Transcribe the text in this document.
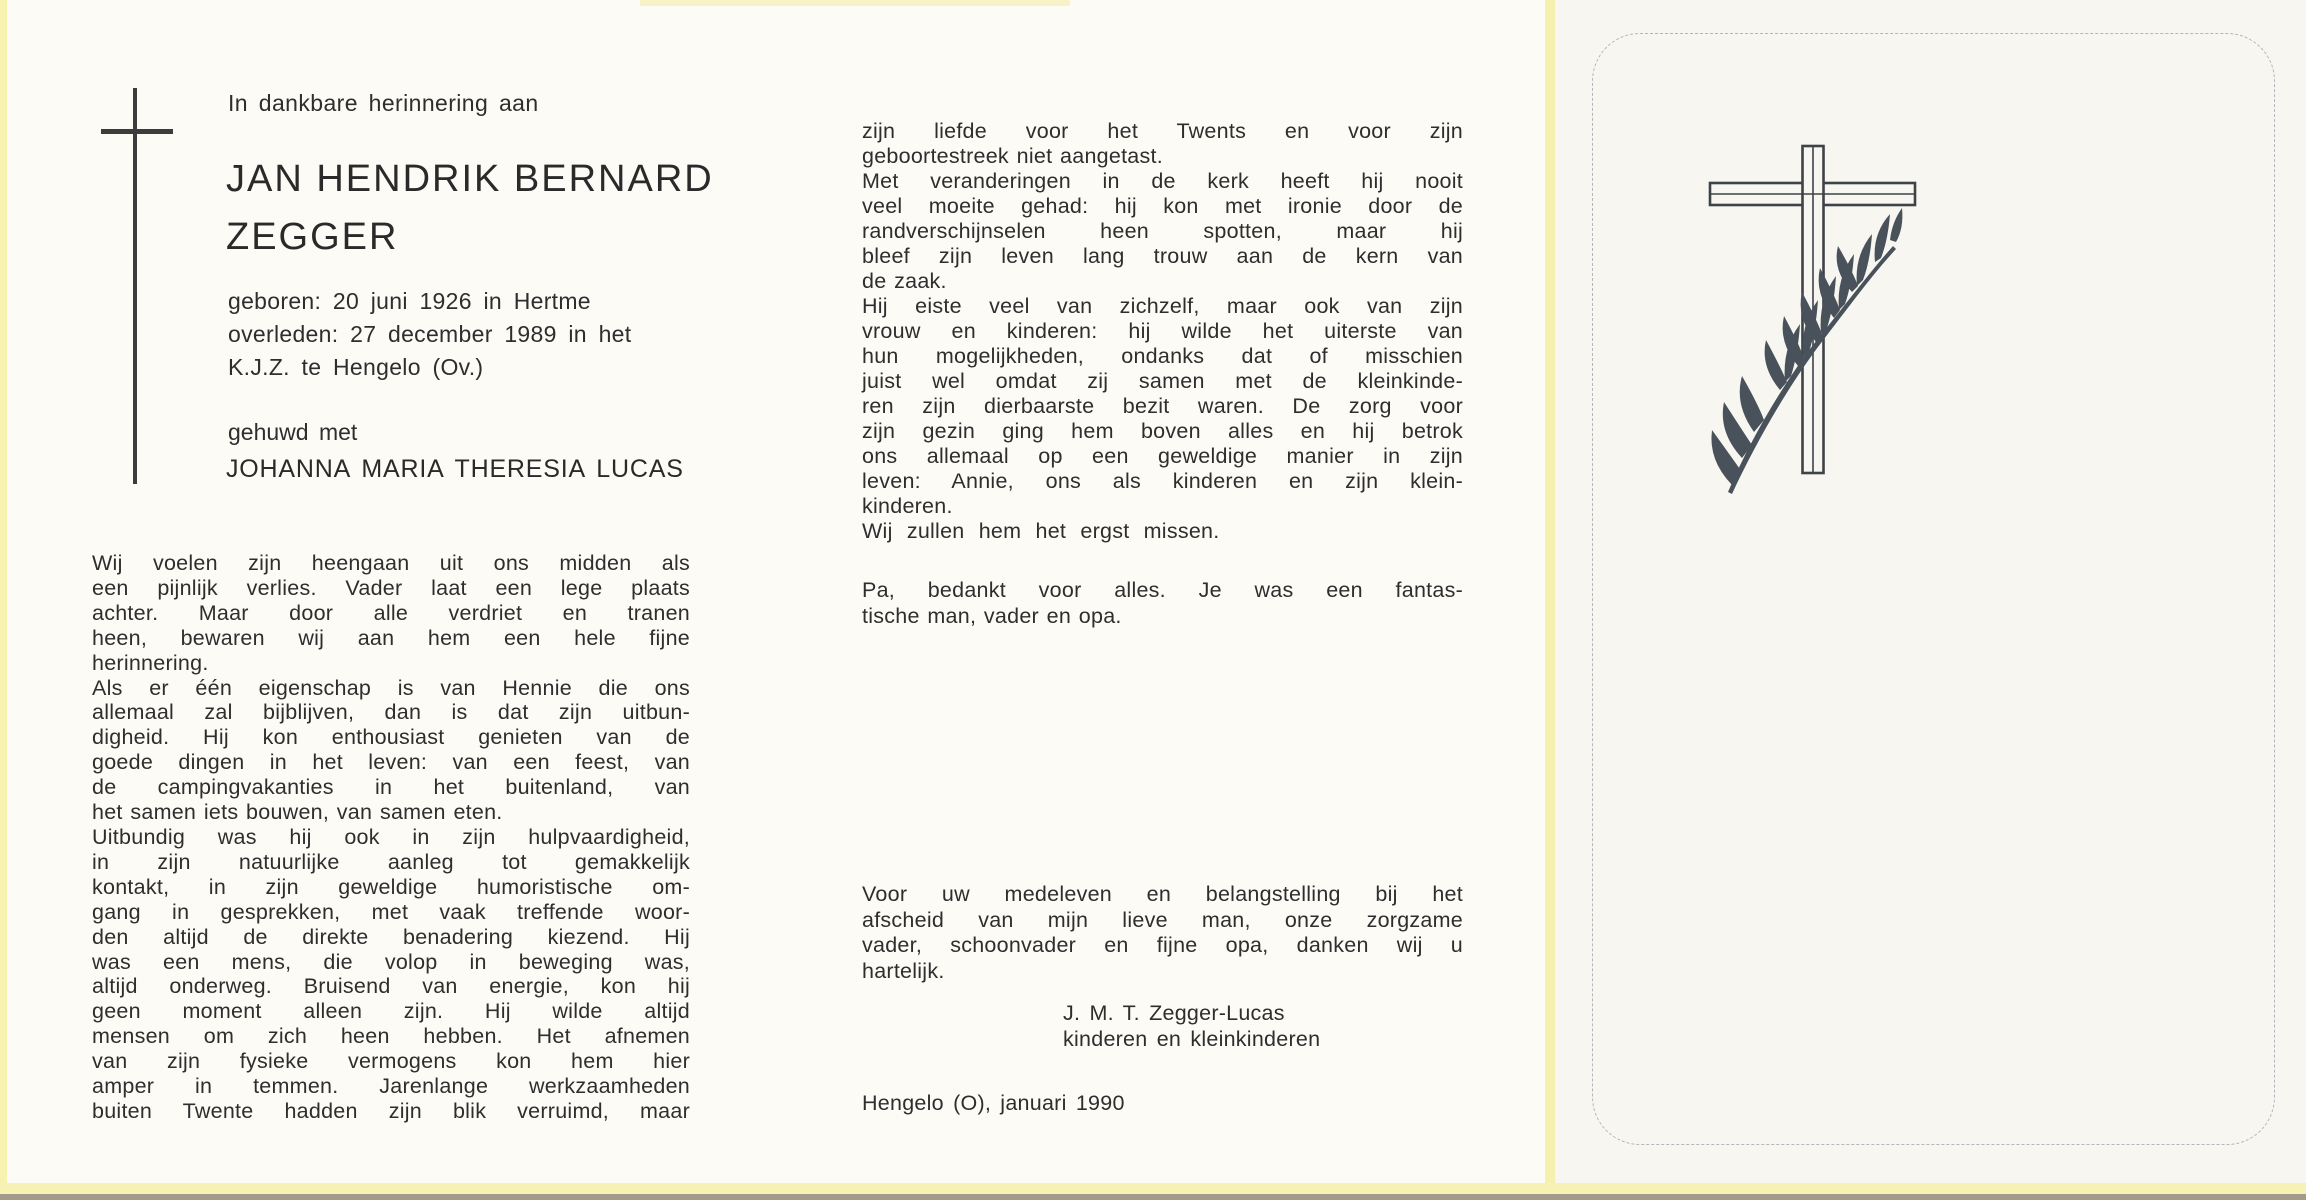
In dankbare herinnering aan
JAN HENDRIK BERNARD
ZEGGER
geboren: 20 juni 1926 in Hertme
overleden: 27 december 1989 in het
K.J.Z. te Hengelo (Ov.)
gehuwd met
JOHANNA MARIA THERESIA LUCAS
Wij voelen zijn heengaan uit ons midden als
een pijnlijk verlies. Vader laat een lege plaats
achter. Maar door alle verdriet en tranen
heen, bewaren wij aan hem een hele fijne
herinnering.
Als er één eigenschap is van Hennie die ons
allemaal zal bijblijven, dan is dat zijn uitbun-
digheid. Hij kon enthousiast genieten van de
goede dingen in het leven: van een feest, van
de campingvakanties in het buitenland, van
het samen iets bouwen, van samen eten.
Uitbundig was hij ook in zijn hulpvaardigheid,
in zijn natuurlijke aanleg tot gemakkelijk
kontakt, in zijn geweldige humoristische om-
gang in gesprekken, met vaak treffende woor-
den altijd de direkte benadering kiezend. Hij
was een mens, die volop in beweging was,
altijd onderweg. Bruisend van energie, kon hij
geen moment alleen zijn. Hij wilde altijd
mensen om zich heen hebben. Het afnemen
van zijn fysieke vermogens kon hem hier
amper in temmen. Jarenlange werkzaamheden
buiten Twente hadden zijn blik verruimd, maar
zijn liefde voor het Twents en voor zijn
geboortestreek niet aangetast.
Met veranderingen in de kerk heeft hij nooit
veel moeite gehad: hij kon met ironie door de
randverschijnselen heen spotten, maar hij
bleef zijn leven lang trouw aan de kern van
de zaak.
Hij eiste veel van zichzelf, maar ook van zijn
vrouw en kinderen: hij wilde het uiterste van
hun mogelijkheden, ondanks dat of misschien
juist wel omdat zij samen met de kleinkinde-
ren zijn dierbaarste bezit waren. De zorg voor
zijn gezin ging hem boven alles en hij betrok
ons allemaal op een geweldige manier in zijn
leven: Annie, ons als kinderen en zijn klein-
kinderen.
Wij zullen hem het ergst missen.
Pa, bedankt voor alles. Je was een fantas-
tische man, vader en opa.
Voor uw medeleven en belangstelling bij het
afscheid van mijn lieve man, onze zorgzame
vader, schoonvader en fijne opa, danken wij u
hartelijk.
J. M. T. Zegger-Lucas
kinderen en kleinkinderen
Hengelo (O), januari 1990
